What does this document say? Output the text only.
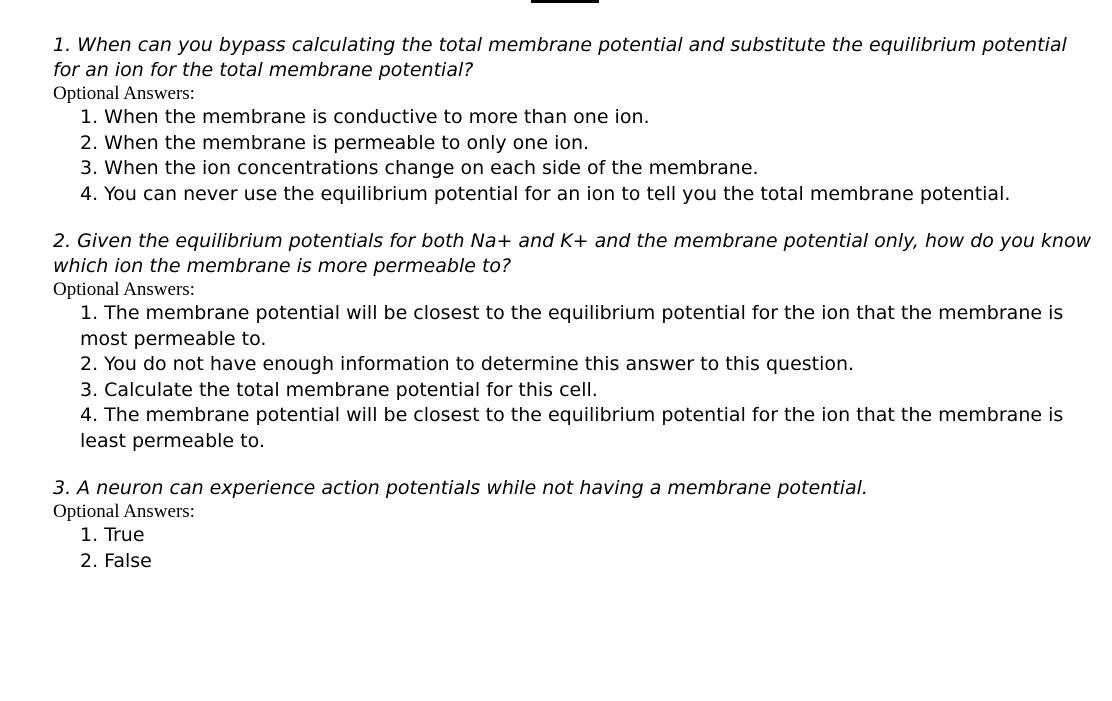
1. When can you bypass calculating the total membrane potential and substitute the equilibrium potential for an ion for the total membrane potential?

Optional Answers:

1. When the membrane is conductive to more than one ion.
2. When the membrane is permeable to only one ion.
3. When the ion concentrations change on each side of the membrane.
4. You can never use the equilibrium potential for an ion to tell you the total membrane potential.

2. Given the equilibrium potentials for both Na+ and K+ and the membrane potential only, how do you know which ion the membrane is more permeable to?

Optional Answers:

1. The membrane potential will be closest to the equilibrium potential for the ion that the membrane is most permeable to.
2. You do not have enough information to determine this answer to this question.
3. Calculate the total membrane potential for this cell.
4. The membrane potential will be closest to the equilibrium potential for the ion that the membrane is least permeable to.

3. A neuron can experience action potentials while not having a membrane potential.

Optional Answers:

1. True
2. False
